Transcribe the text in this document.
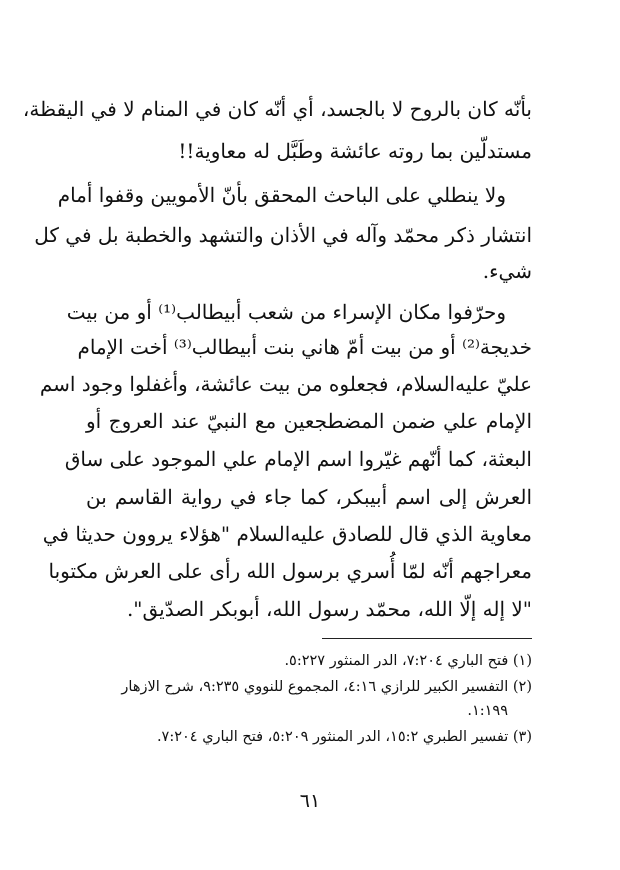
بأنّه كان بالروح لا بالجسد، أي أنّه كان في المنام لا في اليقظة،
مستدلّين بما روته عائشة وطَبَّل له معاوية!!
ولا ينطلي على الباحث المحقق بأنّ الأمويين وقفوا أمام
انتشار ذكر محمّد وآله في الأذان والتشهد والخطبة بل في كل
شيء.
وحرّفوا مكان الإسراء من شعب أبيطالب⁽¹⁾ أو من بيت
خديجة⁽²⁾ أو من بيت أمّ هاني بنت أبيطالب⁽³⁾ أخت الإمام
عليّ عليه‌السلام، فجعلوه من بيت عائشة، وأغفلوا وجود اسم
الإمام علي ضمن المضطجعين مع النبيّ عند العروج أو
البعثة، كما أنّهم غيّروا اسم الإمام علي الموجود على ساق
العرش إلى اسم أبيبكر، كما جاء في رواية القاسم بن
معاوية الذي قال للصادق عليه‌السلام "هؤلاء يروون حديثا في
معراجهم أنّه لمّا أُسري برسول الله رأى على العرش مكتوبا
"لا إله إلّا الله، محمّد رسول الله، أبوبكر الصدّيق".
(١) فتح الباري ٧:٢٠٤، الدر المنثور ٥:٢٢٧.
(٢) التفسير الكبير للرازي ٤:١٦، المجموع للنووي ٩:٢٣٥، شرح الازهار
١:١٩٩.
(٣) تفسير الطبري ١٥:٢، الدر المنثور ٥:٢٠٩، فتح الباري ٧:٢٠٤.
٦١
